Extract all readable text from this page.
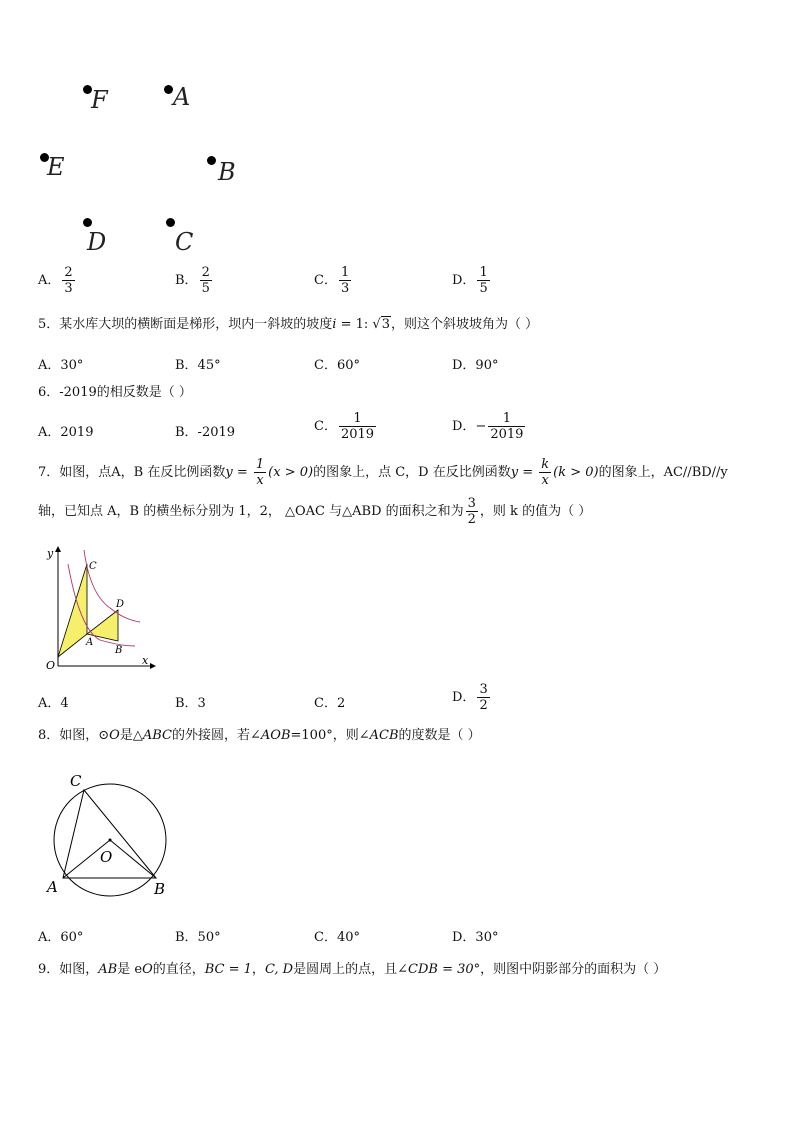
F	A
E	B
D	C
A． $\frac{2}{3}$	B． $\frac{2}{5}$	C． $\frac{1}{3}$	D． $\frac{1}{5}$
5．某水库大坝的横断面是梯形，坝内一斜坡的坡度i = 1: √3，则这个斜坡坡角为（ ）
A．30°	B．45°	C．60°	D．90°
6．-2019的相反数是（ ）
A．2019	B．-2019	C． $\frac{1}{2019}$	D．− $\frac{1}{2019}$
7．如图，点A，B 在反比例函数$y = \frac{1}{x} (x > 0)$的图象上，点 C，D 在反比例函数$y = \frac{k}{x} (k > 0)$的图象上，AC//BD//y
轴，已知点 A，B 的横坐标分别为 1，2， △OAC 与△ABD 的面积之和为 $\frac{3}{2}$ ，则 k 的值为（ ）
y
x
O
C
D
A
B
A．4	B．3	C．2	D． $\frac{3}{2}$
8．如图，⊙O是△ABC的外接圆，若∠AOB=100°，则∠ACB的度数是（ ）
C
O
A	B
A．60°	B．50°	C．40°	D．30°
9．如图，AB是 eO的直径，BC = 1，C, D是圆周上的点，且∠CDB = 30°，则图中阴影部分的面积为（ ）
